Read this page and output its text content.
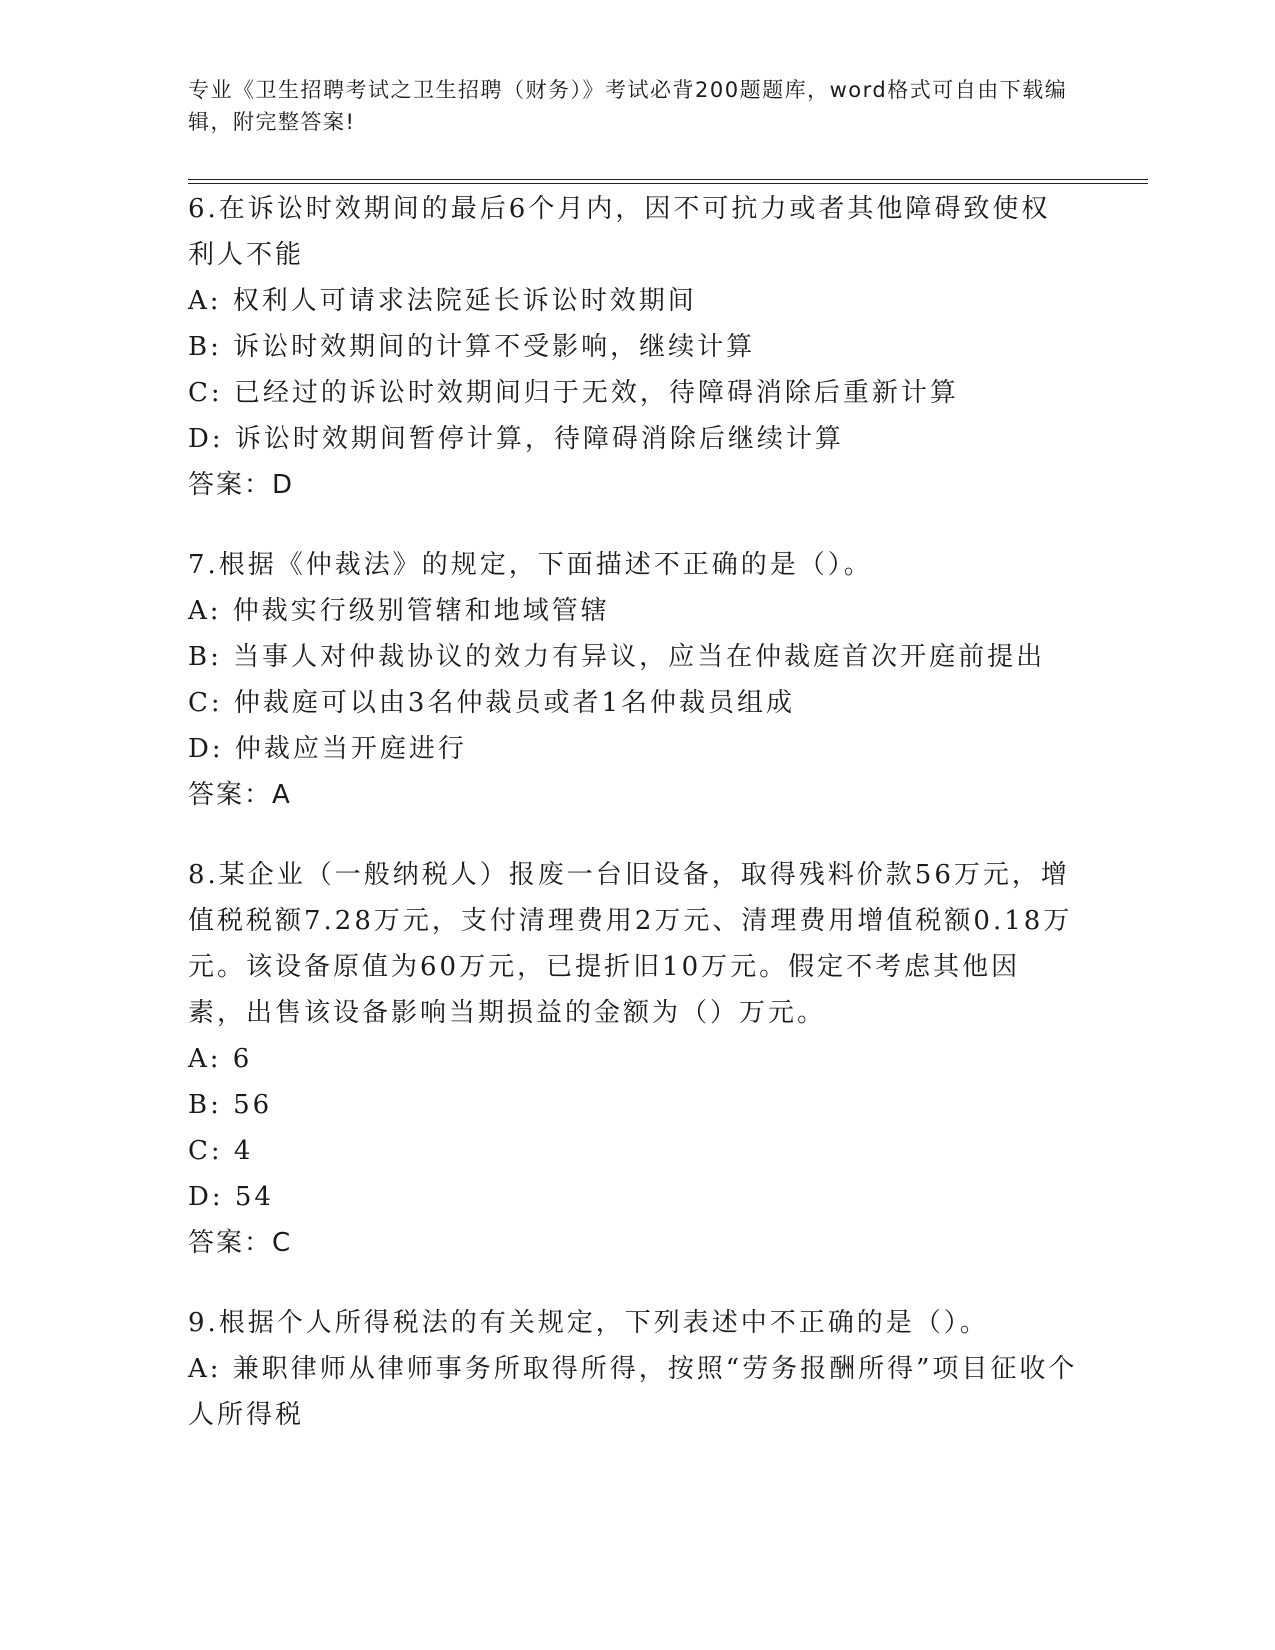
专业《卫生招聘考试之卫生招聘（财务）》考试必背200题题库，word格式可自由下载编辑，附完整答案!

6.在诉讼时效期间的最后6个月内，因不可抗力或者其他障碍致使权利人不能

A: 权利人可请求法院延长诉讼时效期间

B: 诉讼时效期间的计算不受影响，继续计算

C: 已经过的诉讼时效期间归于无效，待障碍消除后重新计算

D: 诉讼时效期间暂停计算，待障碍消除后继续计算

答案：D

7.根据《仲裁法》的规定，下面描述不正确的是（）。

A: 仲裁实行级别管辖和地域管辖

B: 当事人对仲裁协议的效力有异议，应当在仲裁庭首次开庭前提出

C: 仲裁庭可以由3名仲裁员或者1名仲裁员组成

D: 仲裁应当开庭进行

答案：A

8.某企业（一般纳税人）报废一台旧设备，取得残料价款56万元，增值税税额7.28万元，支付清理费用2万元、清理费用增值税额0.18万元。该设备原值为60万元，已提折旧10万元。假定不考虑其他因素，出售该设备影响当期损益的金额为（）万元。

A: 6

B: 56

C: 4

D: 54

答案：C

9.根据个人所得税法的有关规定，下列表述中不正确的是（）。

A: 兼职律师从律师事务所取得所得，按照“劳务报酬所得”项目征收个人所得税
